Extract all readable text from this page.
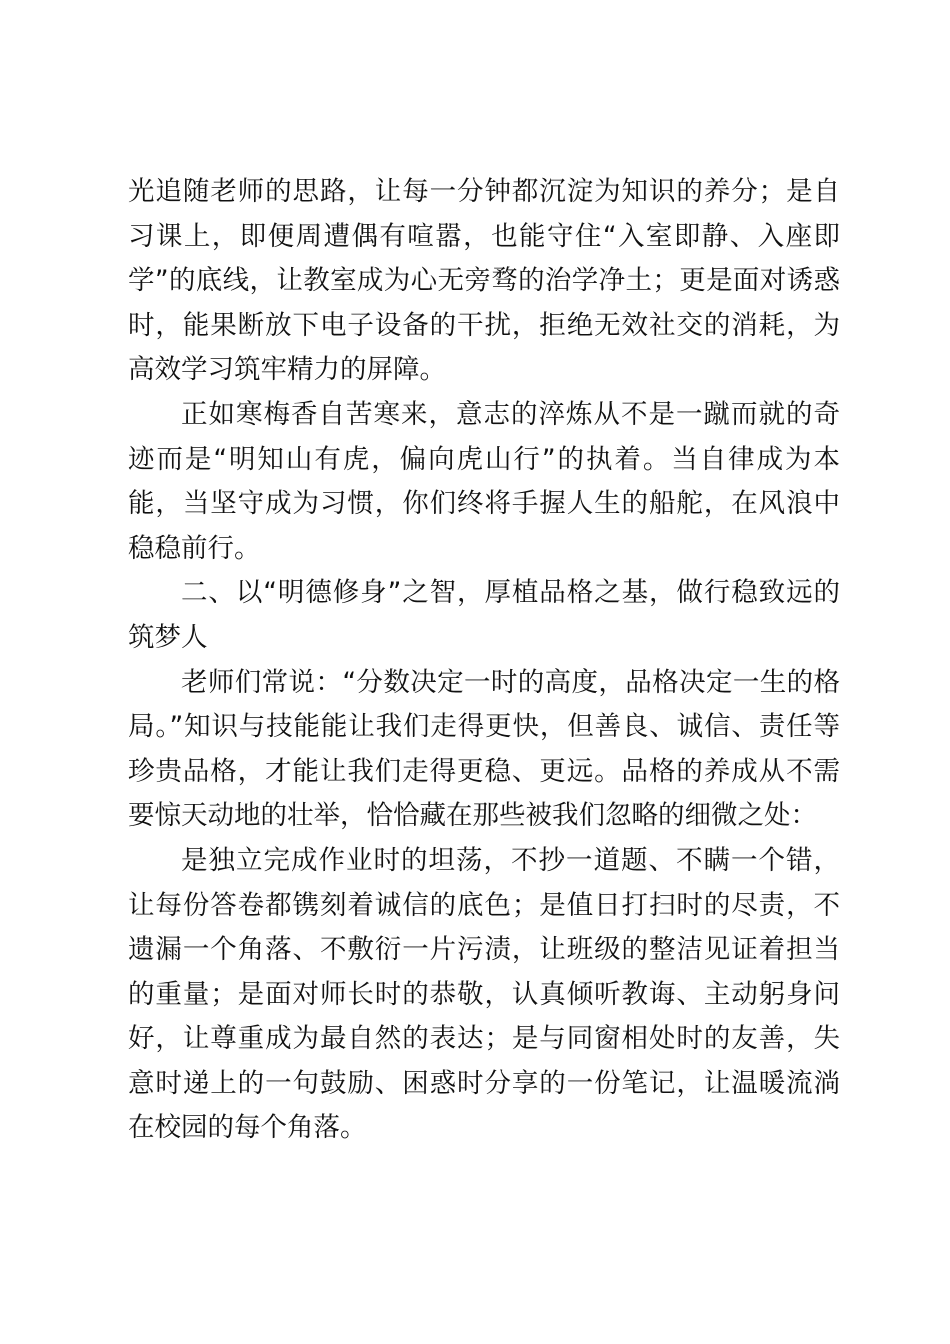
光追随老师的思路，让每一分钟都沉淀为知识的养分；是自习课上，即便周遭偶有喧嚣，也能守住“入室即静、入座即学”的底线，让教室成为心无旁骛的治学净土；更是面对诱惑时，能果断放下电子设备的干扰，拒绝无效社交的消耗，为高效学习筑牢精力的屏障。

正如寒梅香自苦寒来，意志的淬炼从不是一蹴而就的奇迹而是“明知山有虎，偏向虎山行”的执着。当自律成为本能，当坚守成为习惯，你们终将手握人生的船舵，在风浪中稳稳前行。

二、以“明德修身”之智，厚植品格之基，做行稳致远的筑梦人

老师们常说：“分数决定一时的高度，品格决定一生的格局。”知识与技能能让我们走得更快，但善良、诚信、责任等珍贵品格，才能让我们走得更稳、更远。品格的养成从不需要惊天动地的壮举，恰恰藏在那些被我们忽略的细微之处：

是独立完成作业时的坦荡，不抄一道题、不瞒一个错，让每份答卷都镌刻着诚信的底色；是值日打扫时的尽责，不遗漏一个角落、不敷衍一片污渍，让班级的整洁见证着担当的重量；是面对师长时的恭敬，认真倾听教诲、主动躬身问好，让尊重成为最自然的表达；是与同窗相处时的友善，失意时递上的一句鼓励、困惑时分享的一份笔记，让温暖流淌在校园的每个角落。
